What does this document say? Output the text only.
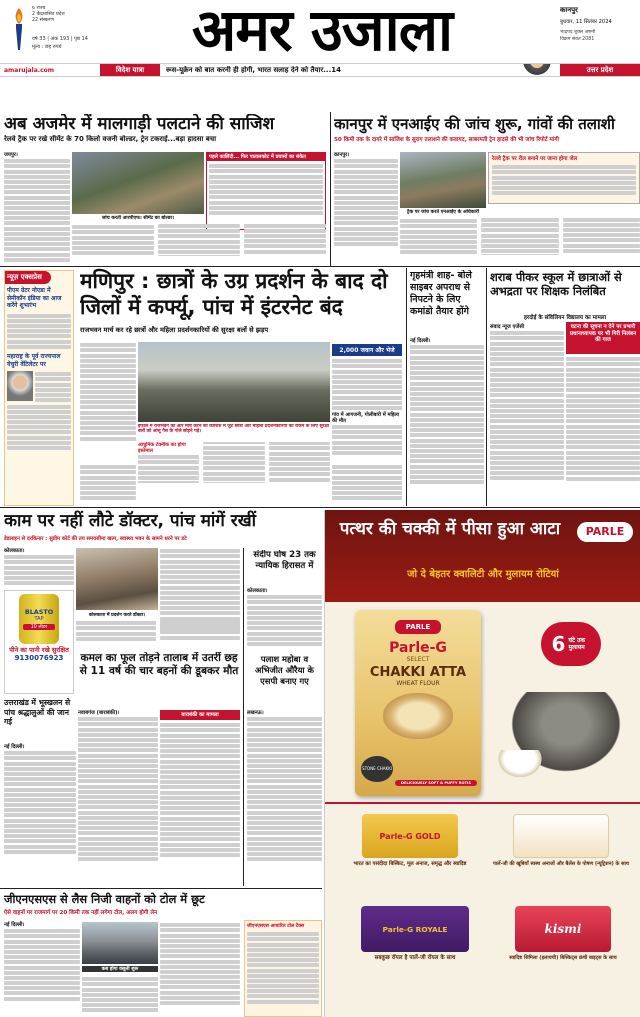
6 राज्य
2 केंद्रशासित प्रदेश
22 संस्करण
वर्ष 33 | अंक 193 | पृष्ठ 14
मूल्य : छह रुपये	अमर उजाला	कानपुर
बुधवार, 11 सितंबर 2024
भाद्रपद शुक्ल अष्टमी
विक्रम संवत 2081
amarujala.com	विदेश यात्रा	रूस-यूक्रेन को बात करनी ही होगी, भारत सलाह देने को तैयार...14	उत्तर प्रदेश
अब अजमेर में मालगाड़ी पलटाने की साजिश
रेलवे ट्रैक पर रखे सीमेंट के 70 किलो वजनी बोल्डर, ट्रेन टकराई...बड़ा हादसा बचा
जयपुर।
जांच करती आरपीएफ। सीमेंट का बोल्डर।
पहले कालिंदी... फिर पातालकोट में प्रयासों का संकेत
कानपुर में एनआईए की जांच शुरू, गांवों की तलाशी
50 किमी तक के दायरे में साजिश के सुराग तलाशने की कवायद, साबरमती ट्रेन हादसे की भी जांच रिपोर्ट मांगी
कानपुर।
ट्रैक पर जांच करते एनआईए के अधिकारी
रेलवे ट्रैक पर रील बनाने पर जाना होगा जेल
न्यूज़ एक्सप्रेस
पीएम ग्रेटर नोएडा में सेमीकॉन इंडिया का आज करेंगे शुभारंभ
महाराष्ट्र के पूर्व राज्यपाल येचुरी वेंटिलेटर पर
मणिपुर : छात्रों के उग्र प्रदर्शन के बाद दो जिलों में कर्फ्यू, पांच में इंटरनेट बंद
राजभवन मार्च कर रहे छात्रों और महिला प्रदर्शनकारियों की सुरक्षा बलों से झड़प
इंफाल में राजभवन की ओर मार्च करने की कोशिश में जुटे छात्रों और महिला प्रदर्शनकारियों को रोकने के लिए सुरक्षा बलों को आंसू गैस के गोले छोड़ने पड़े।
2,000 जवान और भेजे
गांव में आगजनी, गोलीबारी में महिला की मौत
आधुनिक टेक्नीक का होगा इस्तेमाल
गृहमंत्री शाह- बोले साइबर अपराध से निपटने के लिए कमांडो तैयार होंगे
नई दिल्ली।
शराब पीकर स्कूल में छात्राओं से अभद्रता पर शिक्षक निलंबित
हरदोई के संविलियन विद्यालय का मामला
संवाद न्यूज एजेंसी	घटना की सूचना न देने पर प्रभारी प्रधानाध्यापक पर भी गिरी निलंबन की गाज
काम पर नहीं लौटे डॉक्टर, पांच मांगें रखीं
डेडलाइन से दरकिनार : सुप्रीम कोर्ट की तय समयसीमा खत्म, स्वास्थ्य भवन के सामने धरने पर डटे
कोलकाता।
कोलकाता में प्रदर्शन करते डॉक्टर।
संदीप घोष 23 तक न्यायिक हिरासत में
कोलकाता।
BLASTO
TAP
10 लीटर
पीने का पानी रखे सुरक्षित
9130076923	कमल का फूल तोड़ने तालाब में उतरीं छह से 11 वर्ष की चार बहनों की डूबकर मौत
नवाबगंज (बाराबंकी)।	बाराबंकी का मामला
पलाश महोबा व अभिजीत औरैया के एसपी बनाए गए
लखनऊ।
उत्तराखंड में भूस्खलन से पांच श्रद्धालुओं की जान गई
नई दिल्ली।
जीएनएसएस से लैस निजी वाहनों को टोल में छूट
ऐसे वाहनों पर राजमार्ग पर 20 किमी तक नहीं लगेगा टोल, अलग होगी लेन
नई दिल्ली।
कब होगा वसूली शुरू
जीएनएसएस आधारित टोल टैक्स
पत्थर की चक्की में पीसा हुआ आटा	PARLE
जो दे बेहतर क्वालिटी और मुलायम रोटियां
PARLE
Parle-G
SELECT
CHAKKI ATTA
WHEAT FLOUR
STONE CHAKKI
DELICIOUSLY SOFT & PUFFY ROTIS
6 घंटे तक मुलायम
Parle-G GOLD
भारत का पसंदीदा बिस्किट, मूल अनाज, समृद्ध और स्वादिष्ट	पार्ले-जी की खूबियाँ स्वस्थ अनाजों और बैलेंस के पोषण (न्यूट्रिशन) के साथ
Parle-G ROYALE
सबकुछ रॉयल है पार्ले-जी रॉयल के साथ
kismi
स्वादिष्ट सिमिला (इलायची) बिस्किट्स क्रंची बाइट्स के साथ
